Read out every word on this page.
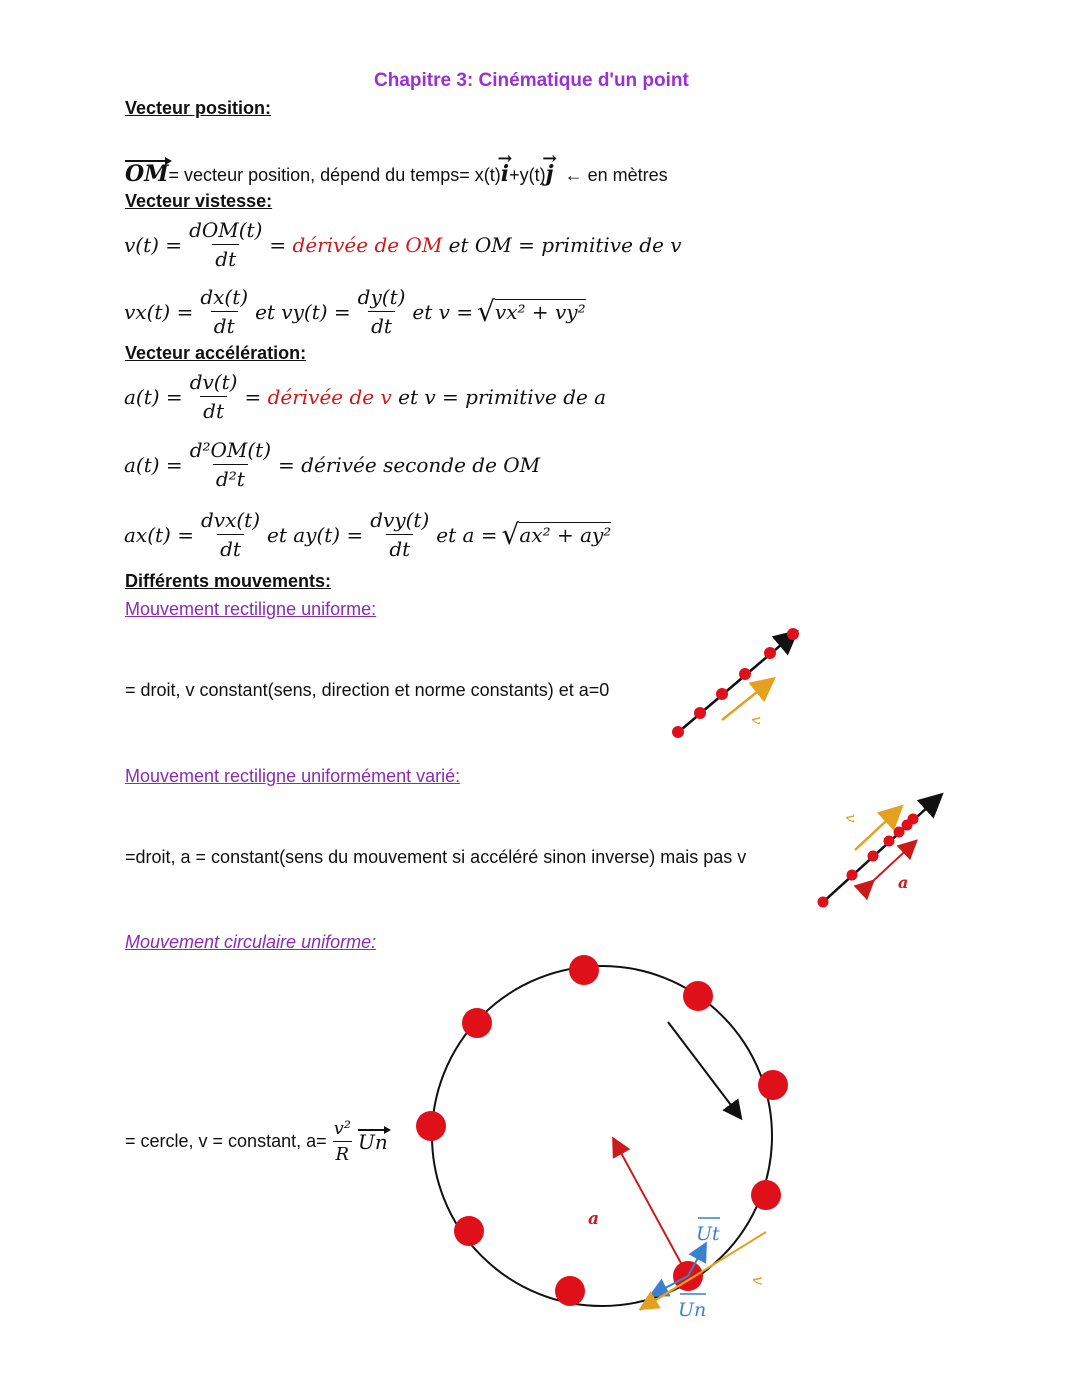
Chapitre 3: Cinématique d'un point
Vecteur position:
OM= vecteur position, dépend du temps= x(t)→ i+y(t)→ j ← en mètres
Vecteur vistesse:
$v(t) = \frac{\text{dOM(t)}}{dt}$ = dérivée de OM
et OM = primitive de v
$vx(t) = \frac{dx(t)}{dt}$ et $vy(t) = \frac{dy(t)}{dt}$ et v = √ vx² + vy²
Vecteur accélération:
$a(t) = \frac{dv(t)}{dt}$ = dérivée de v
et v = primitive de a
$a(t) = \frac{\text{d²OM(t)}}{\text{d²t}}$ = dérivée seconde de OM
$ax(t) = \frac{\text{dvx(t)}}{dt}$ et $ay(t) = \frac{\text{dvy(t)}}{dt}$ et a = √ ax² + ay²
Différents mouvements:
Mouvement rectiligne uniforme:
= droit, v constant(sens, direction et norme constants) et a=0
Mouvement rectiligne uniformément varié:
=droit, a = constant(sens du mouvement si accéléré sinon inverse) mais pas v
Mouvement circulaire uniforme:
= cercle, v = constant, $a= \frac{\text{v²}}{R}$ Un
v
v
a
a
Ut
Un
v
